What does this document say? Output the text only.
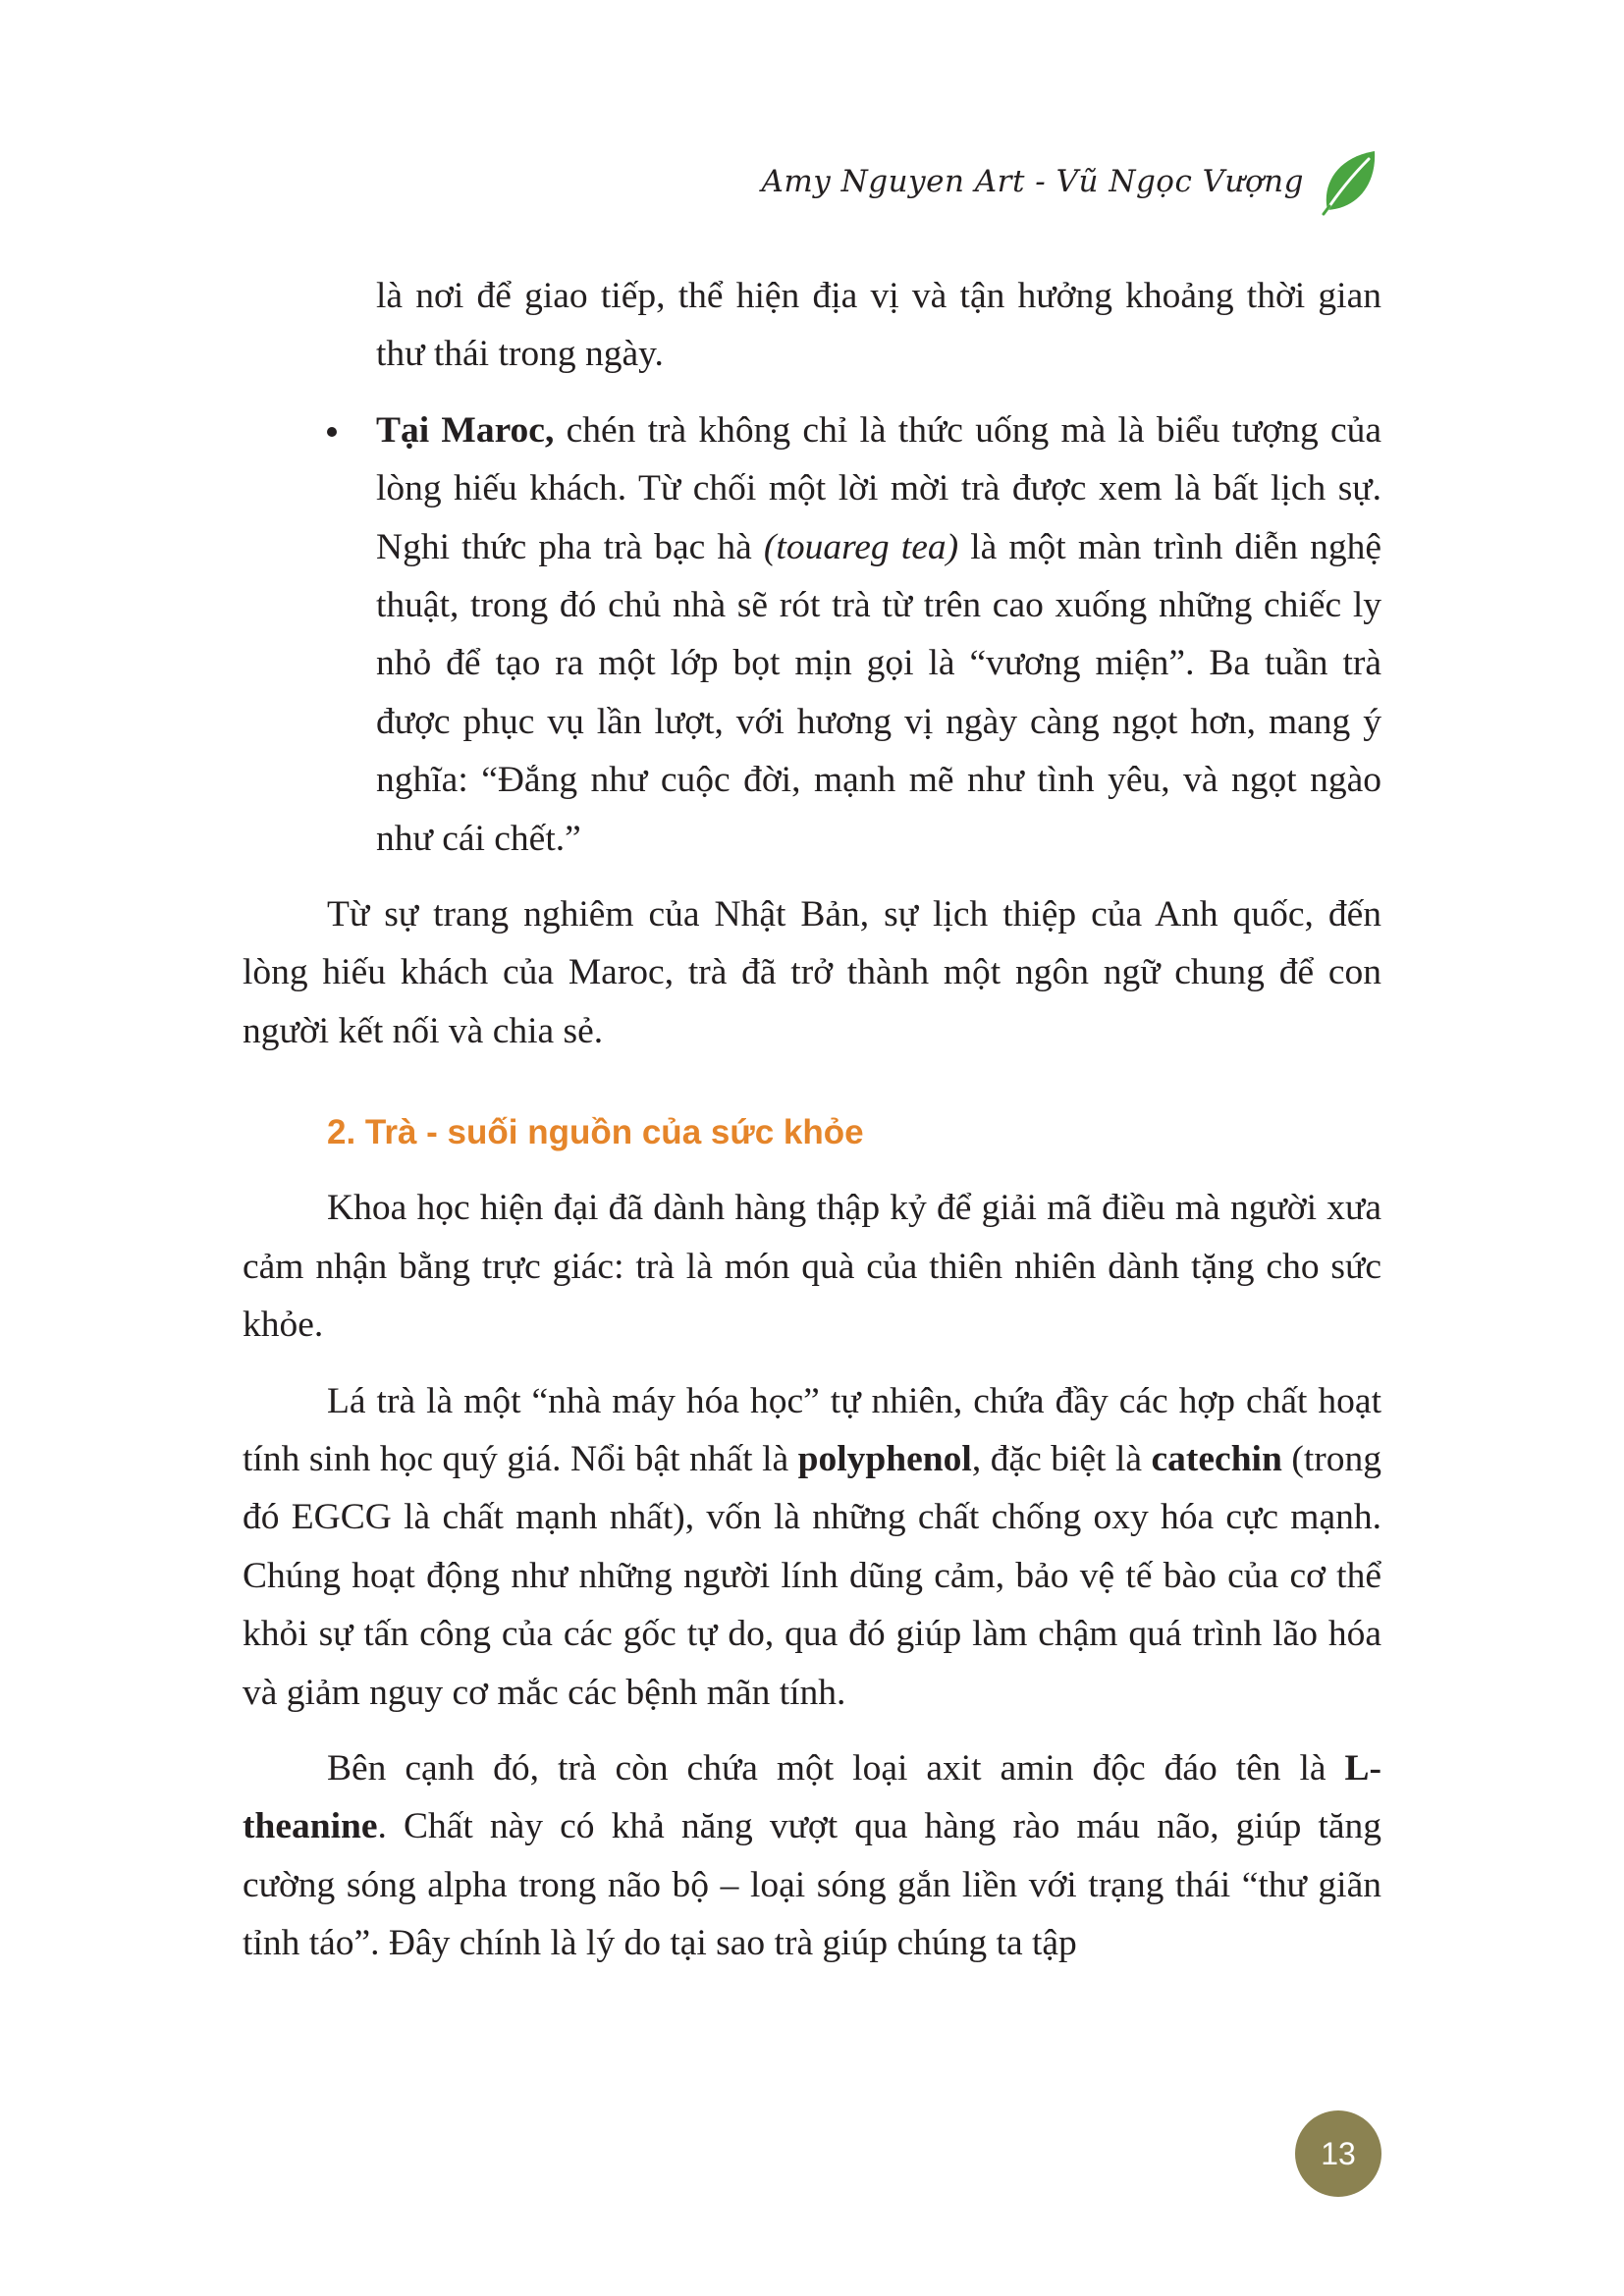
Amy Nguyen Art - Vũ Ngọc Vượng

là nơi để giao tiếp, thể hiện địa vị và tận hưởng khoảng thời gian thư thái trong ngày.

Tại Maroc, chén trà không chỉ là thức uống mà là biểu tượng của lòng hiếu khách. Từ chối một lời mời trà được xem là bất lịch sự. Nghi thức pha trà bạc hà (touareg tea) là một màn trình diễn nghệ thuật, trong đó chủ nhà sẽ rót trà từ trên cao xuống những chiếc ly nhỏ để tạo ra một lớp bọt mịn gọi là “vương miện”. Ba tuần trà được phục vụ lần lượt, với hương vị ngày càng ngọt hơn, mang ý nghĩa: “Đắng như cuộc đời, mạnh mẽ như tình yêu, và ngọt ngào như cái chết.”

Từ sự trang nghiêm của Nhật Bản, sự lịch thiệp của Anh quốc, đến lòng hiếu khách của Maroc, trà đã trở thành một ngôn ngữ chung để con người kết nối và chia sẻ.

2. Trà - suối nguồn của sức khỏe

Khoa học hiện đại đã dành hàng thập kỷ để giải mã điều mà người xưa cảm nhận bằng trực giác: trà là món quà của thiên nhiên dành tặng cho sức khỏe.

Lá trà là một “nhà máy hóa học” tự nhiên, chứa đầy các hợp chất hoạt tính sinh học quý giá. Nổi bật nhất là polyphenol, đặc biệt là catechin (trong đó EGCG là chất mạnh nhất), vốn là những chất chống oxy hóa cực mạnh. Chúng hoạt động như những người lính dũng cảm, bảo vệ tế bào của cơ thể khỏi sự tấn công của các gốc tự do, qua đó giúp làm chậm quá trình lão hóa và giảm nguy cơ mắc các bệnh mãn tính.

Bên cạnh đó, trà còn chứa một loại axit amin độc đáo tên là L-theanine. Chất này có khả năng vượt qua hàng rào máu não, giúp tăng cường sóng alpha trong não bộ – loại sóng gắn liền với trạng thái “thư giãn tỉnh táo”. Đây chính là lý do tại sao trà giúp chúng ta tập

13
